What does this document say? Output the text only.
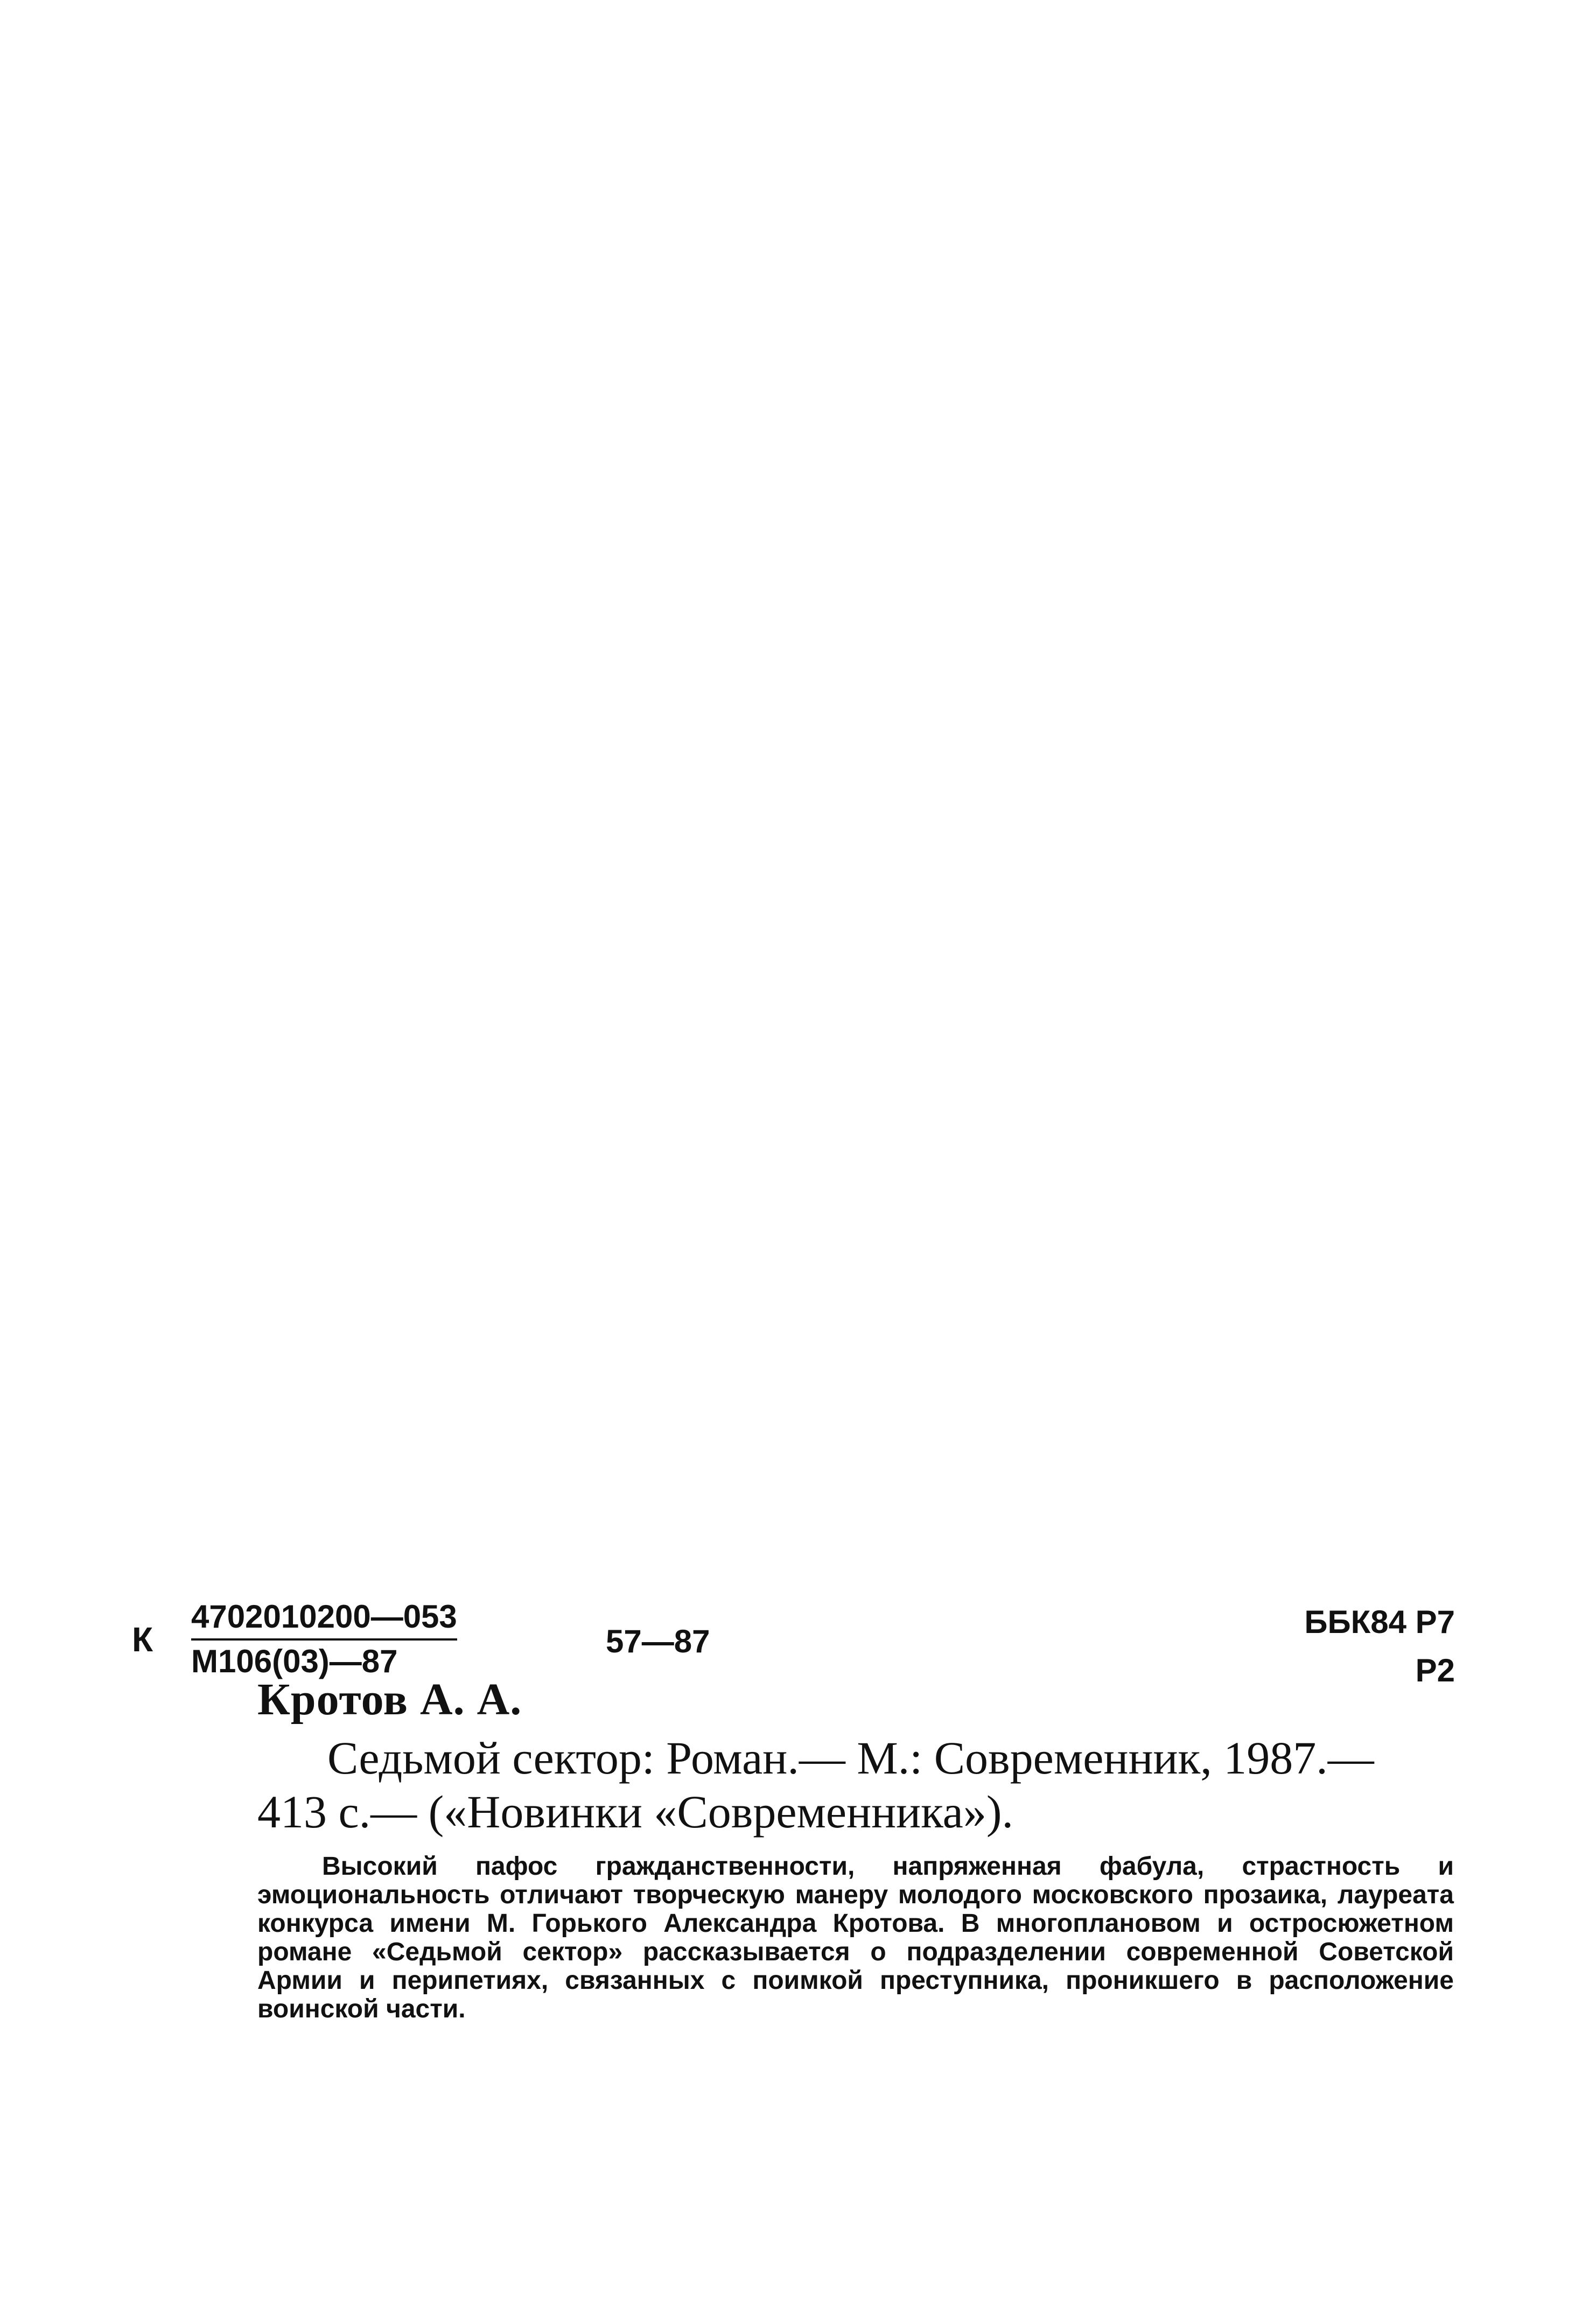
Кротов А. А.
Седьмой сектор: Роман.— М.: Современник, 1987.—
413 с.— («Новинки «Современника»).
Высокий пафос гражданственности, напряженная фабула, страстность и эмоциональность отличают творческую манеру молодого московского прозаика, лауреата конкурса имени М. Горького Александра Кротова. В многоплановом и остросюжетном романе «Седьмой сектор» рассказывается о подразделении современной Советской Армии и перипетиях, связанных с поимкой преступника, проникшего в расположение воинской части.
К
4702010200—053
М106(03)—87
57—87
ББК84 Р7
Р2
